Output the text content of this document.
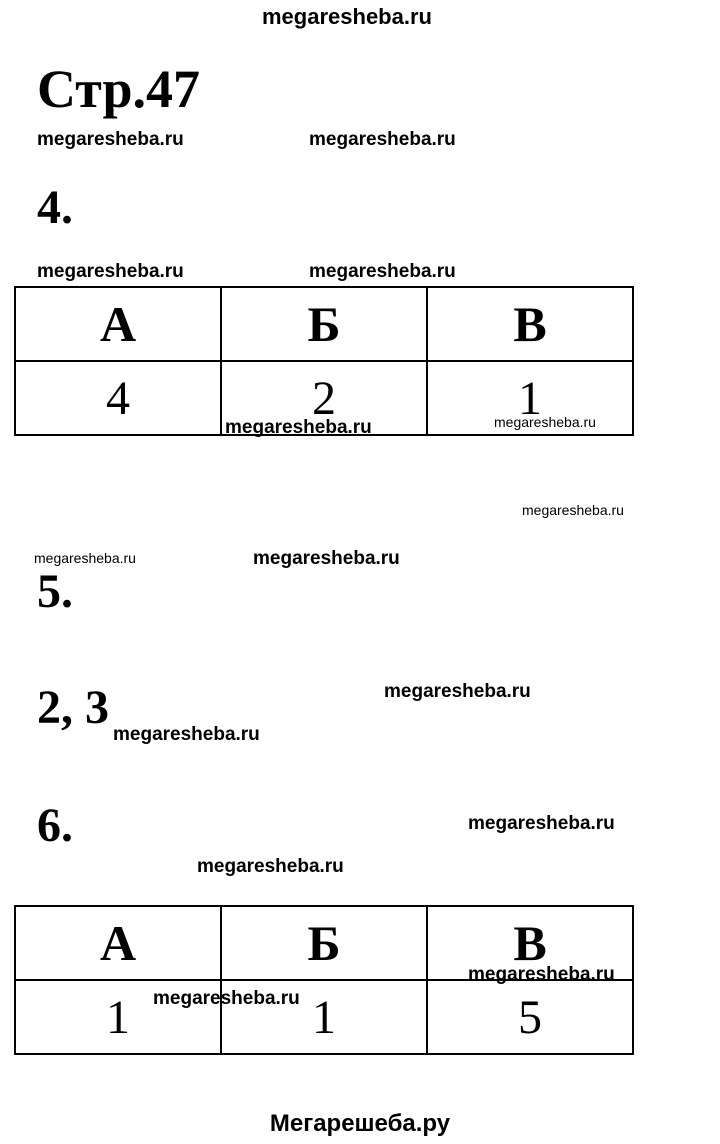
megaresheba.ru
Стр.47
megaresheba.ru	megaresheba.ru
4.
megaresheba.ru	megaresheba.ru
А	Б	В
4	2	1
megaresheba.ru	megaresheba.ru
megaresheba.ru
megaresheba.ru	megaresheba.ru
5.
megaresheba.ru
2, 3
megaresheba.ru
6.	megaresheba.ru
megaresheba.ru
А	Б	В
1	1	5
megaresheba.ru
megaresheba.ru
Мегарешеба.ру
